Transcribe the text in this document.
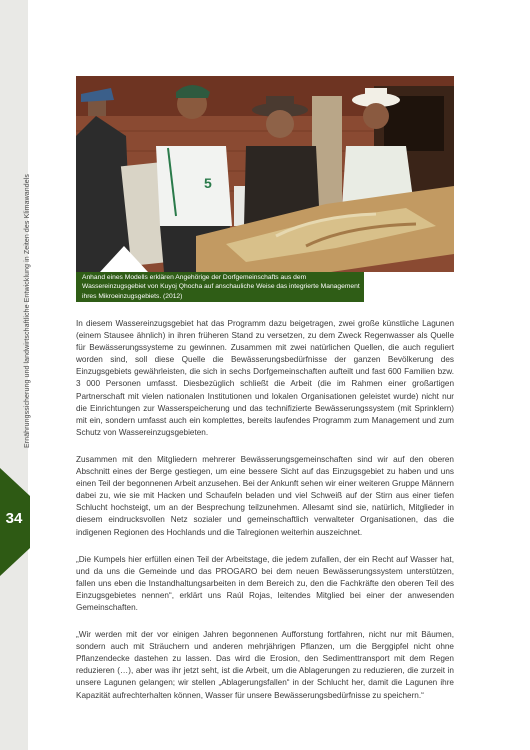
Ernährungssicherung und landwirtschaftliche Entwicklung in Zeiten des Klimawandels
34
5
Anhand eines Modells erklären Angehörige der Dorfgemeinschafts aus dem Wassereinzugsgebiet von Kuyoj Qhocha auf anschauliche Weise das integrierte Management ihres Mikroeinzugsgebiets. (2012)

In diesem Wassereinzugsgebiet hat das Programm dazu beigetragen, zwei große künstliche Lagunen (einem Stausee ähnlich) in ihren früheren Stand zu versetzen, zu dem Zweck Regenwasser als Quelle für Bewässerungssysteme zu gewinnen. Zusammen mit zwei natürlichen Quellen, die auch reguliert worden sind, soll diese Quelle die Bewässerungsbedürfnisse der ganzen Bevölkerung des Einzugsgebiets gewährleisten, die sich in sechs Dorfgemeinschaften aufteilt und fast 600 Familien bzw. 3 000 Personen umfasst. Diesbezüglich schließt die Arbeit (die im Rahmen einer großartigen Partnerschaft mit vielen nationalen Institutionen und lokalen Organisationen geleistet wurde) nicht nur die Einrichtungen zur Wasserspeicherung und das technifizierte Bewässerungssystem (mit Sprinklern) mit ein, sondern umfasst auch ein komplettes, bereits laufendes Programm zum Management und zum Schutz von Wassereinzugsgebieten.

Zusammen mit den Mitgliedern mehrerer Bewässerungsgemeinschaften sind wir auf den oberen Abschnitt eines der Berge gestiegen, um eine bessere Sicht auf das Einzugsgebiet zu haben und uns einen Teil der begonnenen Arbeit anzusehen. Bei der Ankunft sehen wir einer weiteren Gruppe Männern dabei zu, wie sie mit Hacken und Schaufeln beladen und viel Schweiß auf der Stirn aus einer tiefen Schlucht hochsteigt, um an der Besprechung teilzunehmen. Allesamt sind sie, natürlich, Mitglieder in diesem eindrucksvollen Netz sozialer und gemeinschaftlich verwalteter Organisationen, das die indigenen Regionen des Hochlands und die Talregionen weiterhin auszeichnet.

„Die Kumpels hier erfüllen einen Teil der Arbeitstage, die jedem zufallen, der ein Recht auf Wasser hat, und da uns die Gemeinde und das PROGARO bei dem neuen Bewässerungssystem unterstützen, fallen uns eben die Instandhaltungsarbeiten in dem Bereich zu, den die Fachkräfte den oberen Teil des Einzugsgebietes nennen“, erklärt uns Raúl Rojas, leitendes Mitglied bei einer der anwesenden Gemeinschaften.

„Wir werden mit der vor einigen Jahren begonnenen Aufforstung fortfahren, nicht nur mit Bäumen, sondern auch mit Sträuchern und anderen mehrjährigen Pflanzen, um die Berggipfel nicht ohne Pflanzendecke dastehen zu lassen. Das wird die Erosion, den Sedimenttransport mit dem Regen reduzieren (…), aber was ihr jetzt seht, ist die Arbeit, um die Ablagerungen zu reduzieren, die zurzeit in unsere Lagunen gelangen; wir stellen „Ablagerungsfallen“ in der Schlucht her, damit die Lagunen ihre Kapazität aufrechterhalten können, Wasser für unsere Bewässerungsbedürfnisse zu speichern.“
